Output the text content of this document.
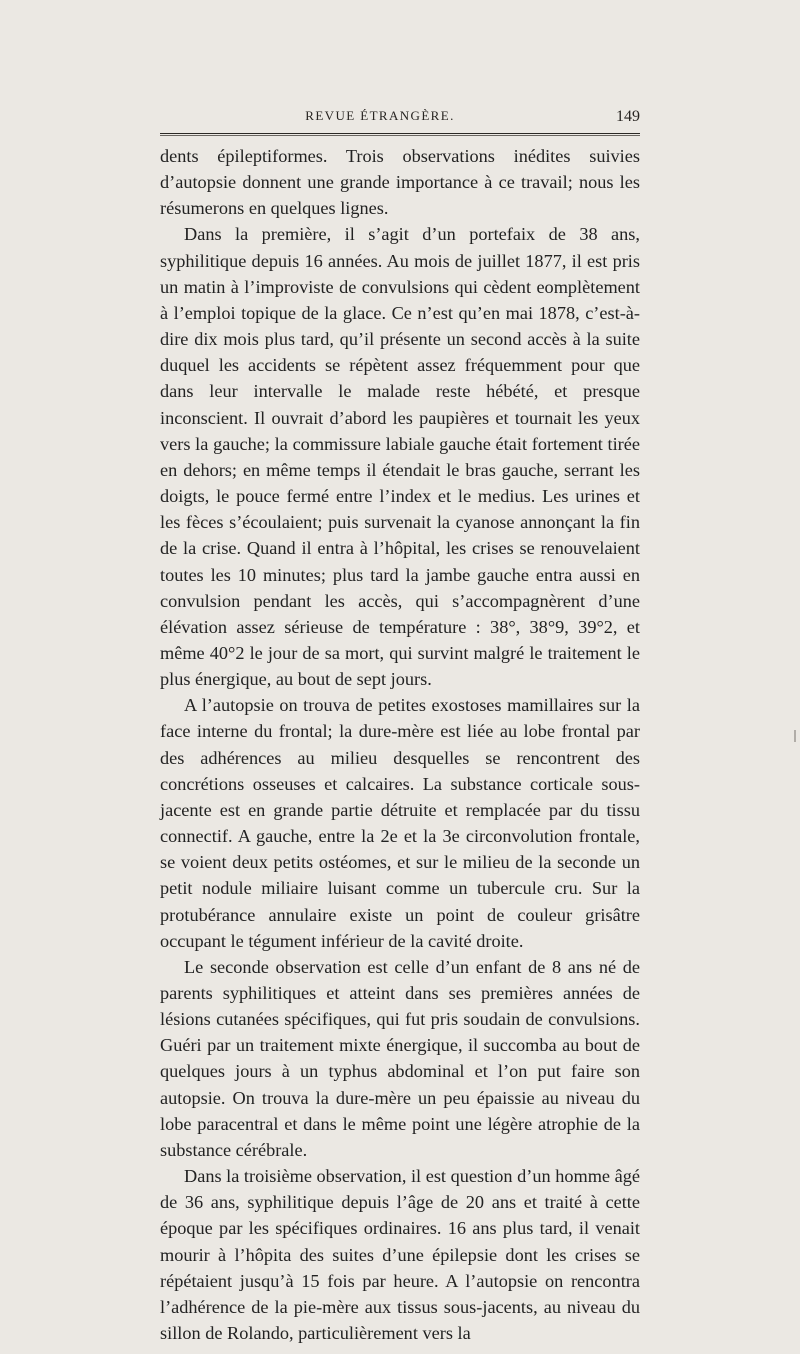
REVUE ÉTRANGÈRE.	149

dents épileptiformes. Trois observations inédites suivies d’autopsie donnent une grande importance à ce travail; nous les résumerons en quelques lignes.

Dans la première, il s’agit d’un portefaix de 38 ans, syphilitique depuis 16 années. Au mois de juillet 1877, il est pris un matin à l’improviste de convulsions qui cèdent eomplètement à l’emploi topique de la glace. Ce n’est qu’en mai 1878, c’est-à-dire dix mois plus tard, qu’il présente un second accès à la suite duquel les accidents se répètent assez fréquemment pour que dans leur intervalle le malade reste hébété, et presque inconscient. Il ouvrait d’abord les paupières et tournait les yeux vers la gauche; la commissure labiale gauche était fortement tirée en dehors; en même temps il étendait le bras gauche, serrant les doigts, le pouce fermé entre l’index et le medius. Les urines et les fèces s’écoulaient; puis survenait la cyanose annonçant la fin de la crise. Quand il entra à l’hôpital, les crises se renouvelaient toutes les 10 minutes; plus tard la jambe gauche entra aussi en convulsion pendant les accès, qui s’accompagnèrent d’une élévation assez sérieuse de température : 38°, 38°9, 39°2, et même 40°2 le jour de sa mort, qui survint malgré le traitement le plus énergique, au bout de sept jours.

A l’autopsie on trouva de petites exostoses mamillaires sur la face interne du frontal; la dure-mère est liée au lobe frontal par des adhérences au milieu desquelles se rencontrent des concrétions osseuses et calcaires. La substance corticale sous-jacente est en grande partie détruite et remplacée par du tissu connectif. A gauche, entre la 2e et la 3e circonvolution frontale, se voient deux petits ostéomes, et sur le milieu de la seconde un petit nodule miliaire luisant comme un tubercule cru. Sur la protubérance annulaire existe un point de couleur grisâtre occupant le tégument inférieur de la cavité droite.

Le seconde observation est celle d’un enfant de 8 ans né de parents syphilitiques et atteint dans ses premières années de lésions cutanées spécifiques, qui fut pris soudain de convulsions. Guéri par un traitement mixte énergique, il succomba au bout de quelques jours à un typhus abdominal et l’on put faire son autopsie. On trouva la dure-mère un peu épaissie au niveau du lobe paracentral et dans le même point une légère atrophie de la substance cérébrale.

Dans la troisième observation, il est question d’un homme âgé de 36 ans, syphilitique depuis l’âge de 20 ans et traité à cette époque par les spécifiques ordinaires. 16 ans plus tard, il venait mourir à l’hôpita des suites d’une épilepsie dont les crises se répétaient jusqu’à 15 fois par heure. A l’autopsie on rencontra l’adhérence de la pie-mère aux tissus sous-jacents, au niveau du sillon de Rolando, particulièrement vers la
